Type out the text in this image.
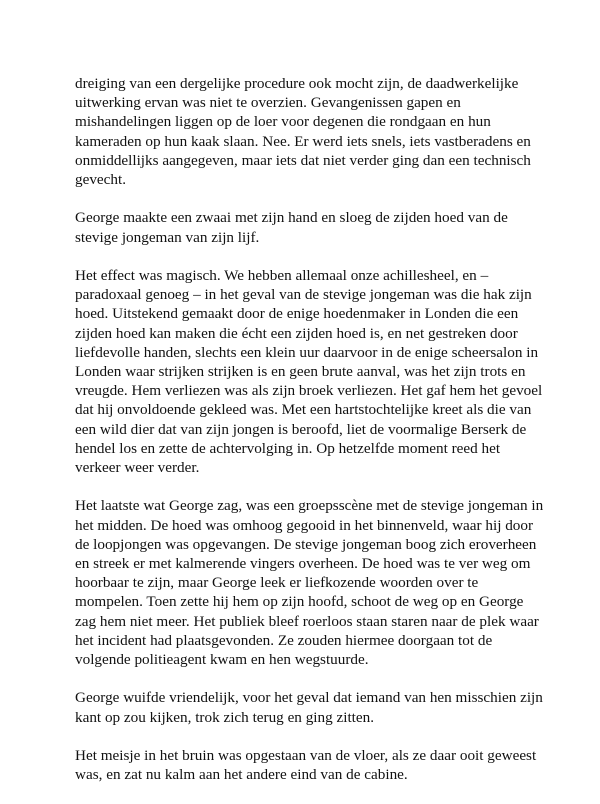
dreiging van een dergelijke procedure ook mocht zijn, de daadwerkelijke uitwerking ervan was niet te overzien. Gevangenissen gapen en mishandelingen liggen op de loer voor degenen die rondgaan en hun kameraden op hun kaak slaan. Nee. Er werd iets snels, iets vastberadens en onmiddellijks aangegeven, maar iets dat niet verder ging dan een technisch gevecht.

George maakte een zwaai met zijn hand en sloeg de zijden hoed van de stevige jongeman van zijn lijf.

Het effect was magisch. We hebben allemaal onze achillesheel, en – paradoxaal genoeg – in het geval van de stevige jongeman was die hak zijn hoed. Uitstekend gemaakt door de enige hoedenmaker in Londen die een zijden hoed kan maken die écht een zijden hoed is, en net gestreken door liefdevolle handen, slechts een klein uur daarvoor in de enige scheersalon in Londen waar strijken strijken is en geen brute aanval, was het zijn trots en vreugde. Hem verliezen was als zijn broek verliezen. Het gaf hem het gevoel dat hij onvoldoende gekleed was. Met een hartstochtelijke kreet als die van een wild dier dat van zijn jongen is beroofd, liet de voormalige Berserk de hendel los en zette de achtervolging in. Op hetzelfde moment reed het verkeer weer verder.

Het laatste wat George zag, was een groepsscène met de stevige jongeman in het midden. De hoed was omhoog gegooid in het binnenveld, waar hij door de loopjongen was opgevangen. De stevige jongeman boog zich eroverheen en streek er met kalmerende vingers overheen. De hoed was te ver weg om hoorbaar te zijn, maar George leek er liefkozende woorden over te mompelen. Toen zette hij hem op zijn hoofd, schoot de weg op en George zag hem niet meer. Het publiek bleef roerloos staan staren naar de plek waar het incident had plaatsgevonden. Ze zouden hiermee doorgaan tot de volgende politieagent kwam en hen wegstuurde.

George wuifde vriendelijk, voor het geval dat iemand van hen misschien zijn kant op zou kijken, trok zich terug en ging zitten.

Het meisje in het bruin was opgestaan van de vloer, als ze daar ooit geweest was, en zat nu kalm aan het andere eind van de cabine.
